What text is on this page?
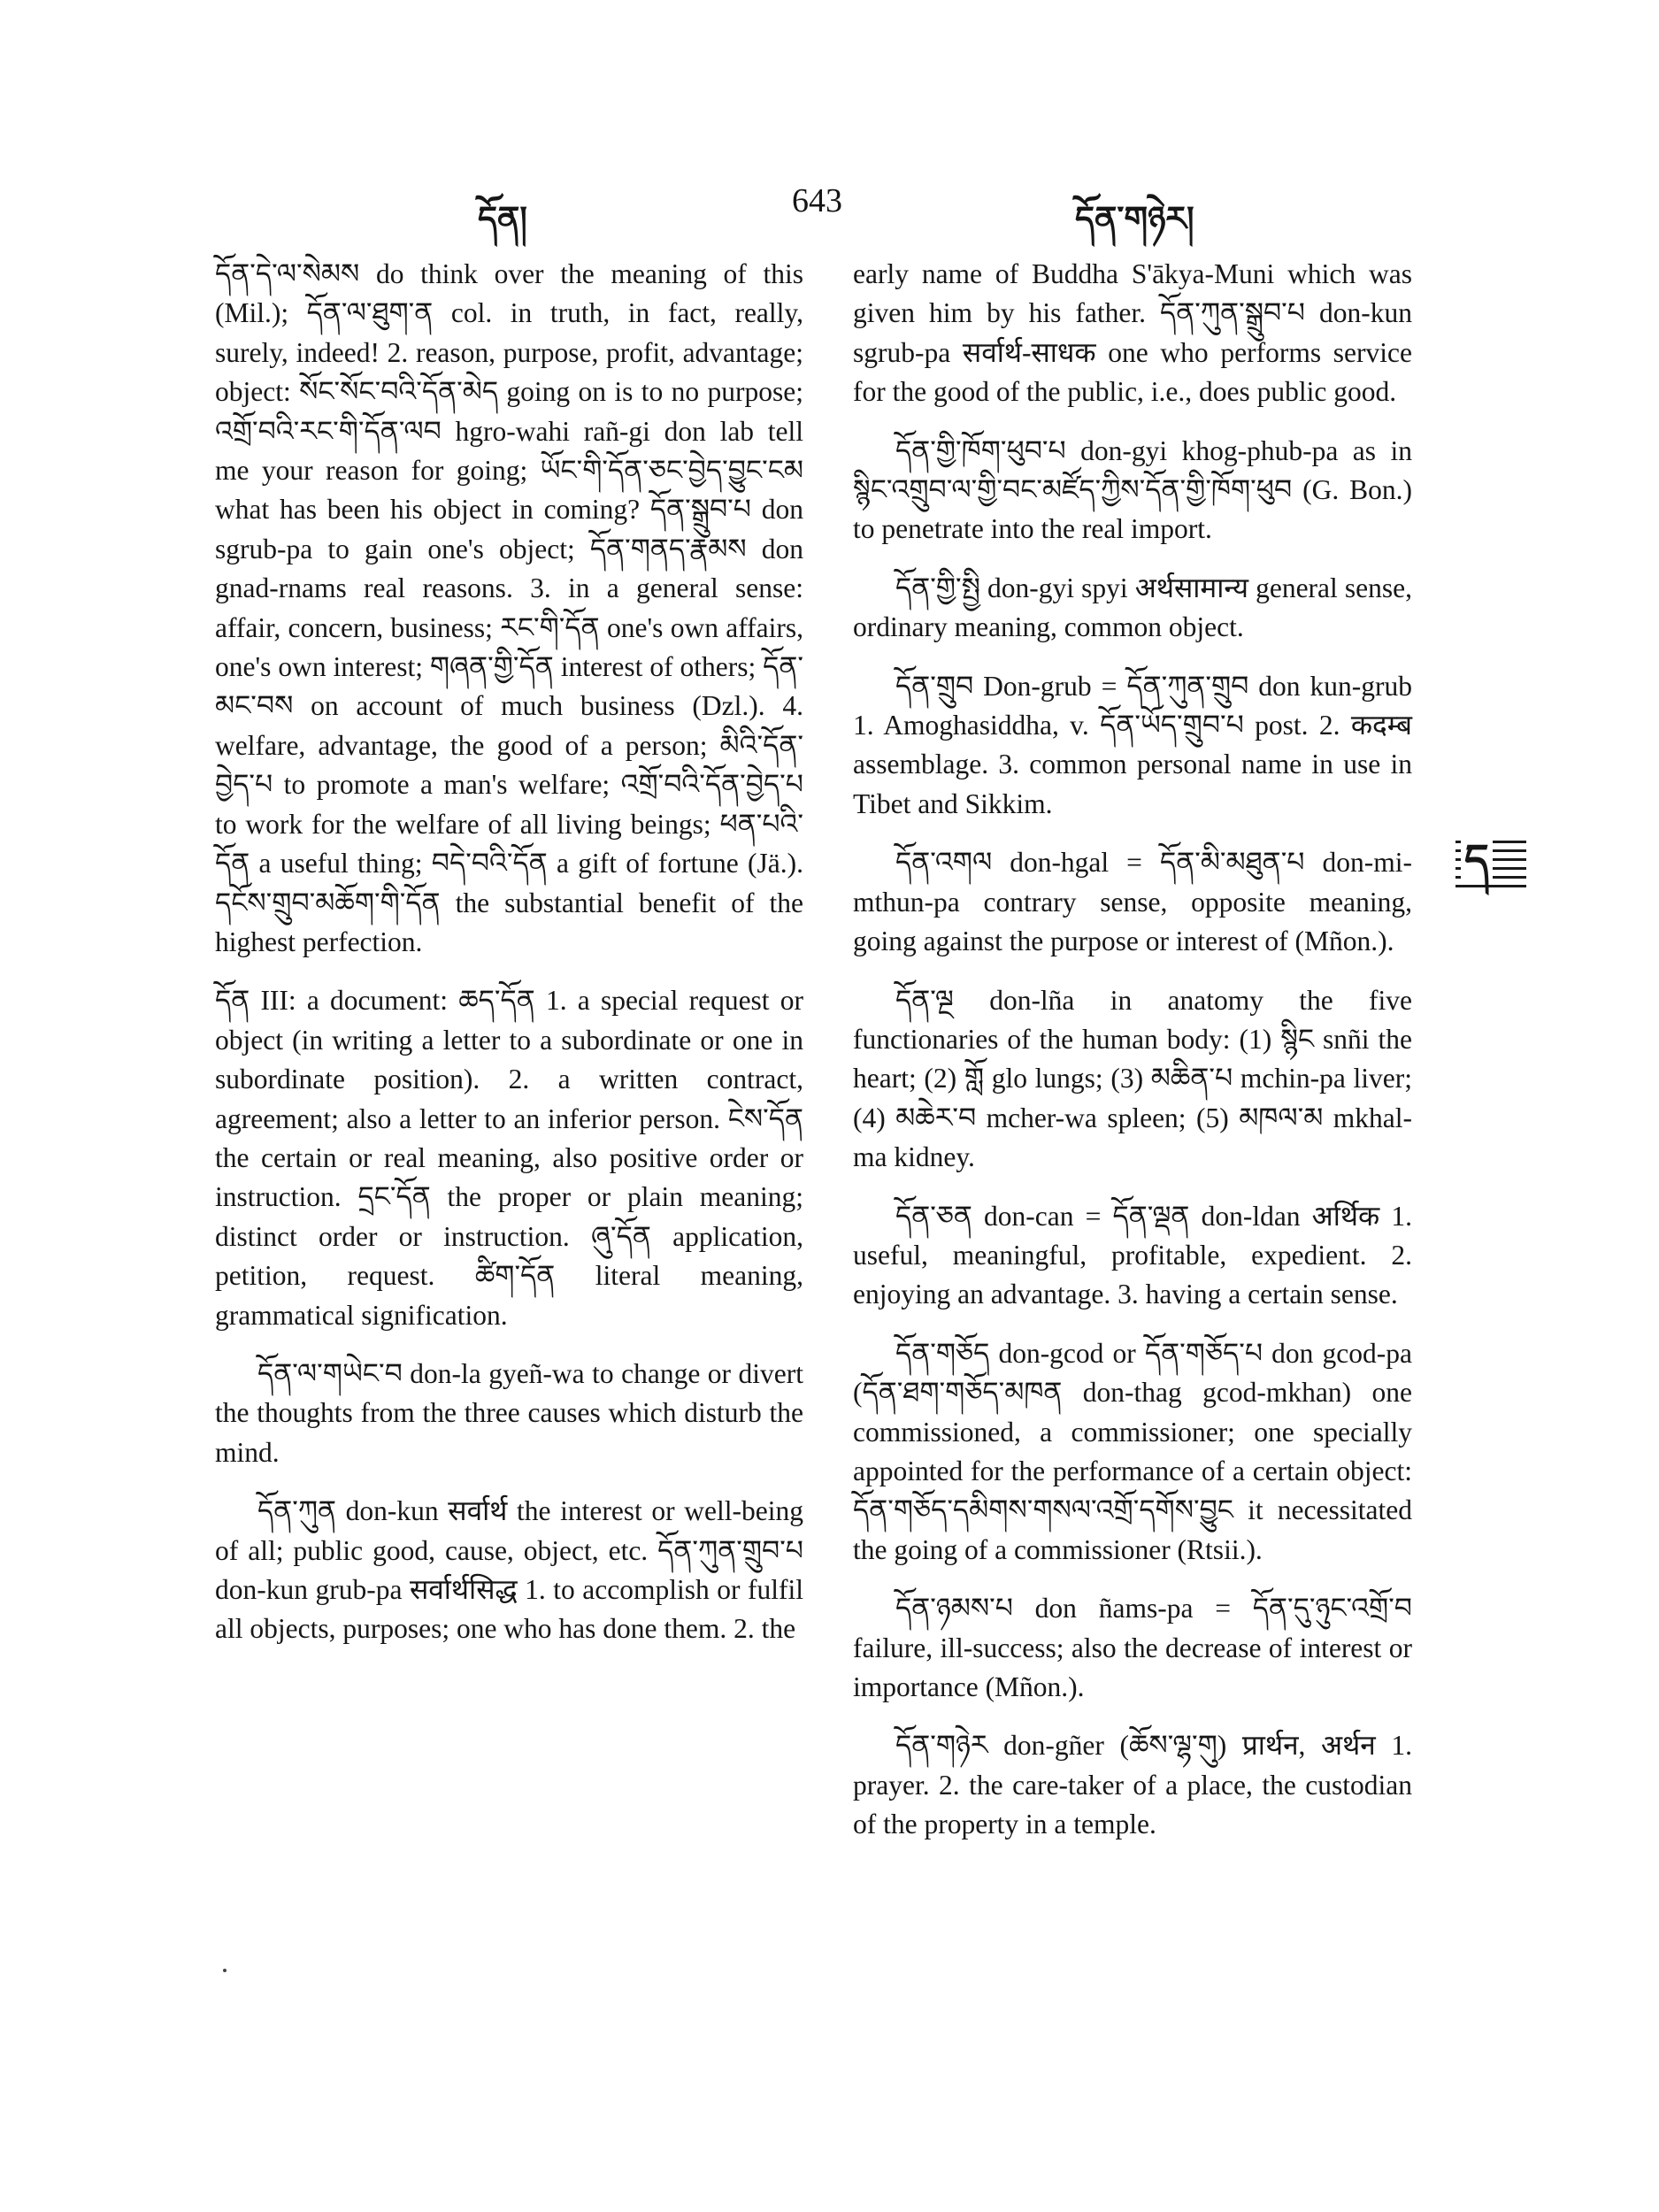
དོན།	643	དོན་གཉེར།

དོན་དེ་ལ་སེམས do think over the meaning of this (Mil.); དོན་ལ་ཐུག་ན col. in truth, in fact, really, surely, indeed! 2. reason, purpose, profit, advantage; object: སོང་སོང་བའི་དོན་མེད going on is to no purpose; འགྲོ་བའི་རང་གི་དོན་ལབ hgro-wahi rañ-gi don lab tell me your reason for going; ཡོང་གི་དོན་ཅང་བྱེད་བྱུང་ངམ what has been his object in coming? དོན་སྒྲུབ་པ don sgrub-pa to gain one's object; དོན་གནད་རྣམས don gnad-rnams real reasons. 3. in a general sense: affair, concern, business; རང་གི་དོན one's own affairs, one's own interest; གཞན་གྱི་དོན interest of others; དོན་མང་བས on account of much business (Dzl.). 4. welfare, advantage, the good of a person; མིའི་དོན་བྱེད་པ to promote a man's welfare; འགྲོ་བའི་དོན་བྱེད་པ to work for the welfare of all living beings; ཕན་པའི་དོན a useful thing; བདེ་བའི་དོན a gift of fortune (Jä.). དངོས་གྲུབ་མཆོག་གི་དོན the substantial benefit of the highest perfection.

དོན III: a document: ཆད་དོན 1. a special request or object (in writing a letter to a subordinate or one in subordinate position). 2. a written contract, agreement; also a letter to an inferior person. ངེས་དོན the certain or real meaning, also positive order or instruction. དྲང་དོན the proper or plain meaning; distinct order or instruction. ཞུ་དོན application, petition, request. ཚིག་དོན literal meaning, grammatical signification.

དོན་ལ་གཡེང་བ don-la gyeñ-wa to change or divert the thoughts from the three causes which disturb the mind.

དོན་ཀུན don-kun सर्वार्थ the interest or well-being of all; public good, cause, object, etc. དོན་ཀུན་གྲུབ་པ don-kun grub-pa सर्वार्थसिद्ध 1. to accomplish or fulfil all objects, purposes; one who has done them. 2. the

early name of Buddha S'ākya-Muni which was given him by his father. དོན་ཀུན་སྒྲུབ་པ don-kun sgrub-pa सर्वार्थ-साधक one who performs service for the good of the public, i.e., does public good.

དོན་གྱི་ཁོག་ཕུབ་པ don-gyi khog-phub-pa as in སྙིང་འགྲུབ་ལ་གྱི་བང་མཛོད་ཀྱིས་དོན་གྱི་ཁོག་ཕུབ (G. Bon.) to penetrate into the real import.

དོན་གྱི་སྤྱི don-gyi spyi अर्थसामान्य general sense, ordinary meaning, common object.

དོན་གྲུབ Don-grub = དོན་ཀུན་གྲུབ don kun-grub 1. Amoghasiddha, v. དོན་ཡོད་གྲུབ་པ post. 2. कदम्ब assemblage. 3. common personal name in use in Tibet and Sikkim.

དོན་འགལ don-hgal = དོན་མི་མཐུན་པ don-mi-mthun-pa contrary sense, opposite meaning, going against the purpose or interest of (Mñon.).

དོན་ལྔ don-lña in anatomy the five functionaries of the human body: (1) སྙིང snñi the heart; (2) གློ glo lungs; (3) མཆིན་པ mchin-pa liver; (4) མཆེར་བ mcher-wa spleen; (5) མཁལ་མ mkhal-ma kidney.

དོན་ཅན don-can = དོན་ལྡན don-ldan अर्थिक 1. useful, meaningful, profitable, expedient. 2. enjoying an advantage. 3. having a certain sense.

དོན་གཅོད don-gcod or དོན་གཅོད་པ don gcod-pa (དོན་ཐག་གཅོད་མཁན don-thag gcod-mkhan) one commissioned, a commissioner; one specially appointed for the performance of a certain object: དོན་གཅོད་དམིགས་གསལ་འགྲོ་དགོས་བྱུང it necessitated the going of a commissioner (Rtsii.).

དོན་ཉམས་པ don ñams-pa = དོན་དུ་ཉུང་འགྲོ་བ failure, ill-success; also the decrease of interest or importance (Mñon.).

དོན་གཉེར don-gñer (ཆོས་ལྷ་གུ) प्रार्थन, अर्थन 1. prayer. 2. the care-taker of a place, the custodian of the property in a temple.

ད
